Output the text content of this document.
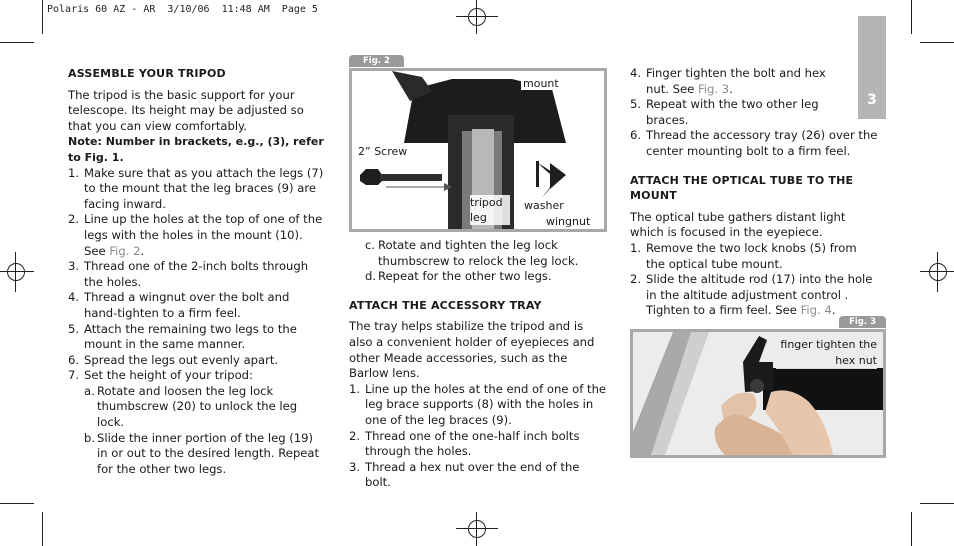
Polaris 60 AZ - AR  3/10/06  11:48 AM  Page 5
3

ASSEMBLE YOUR TRIPOD

The tripod is the basic support for your telescope. Its height may be adjusted so that you can view comfortably.

Note: Number in brackets, e.g., (3), refer to Fig. 1.

1. Make sure that as you attach the legs (7) to the mount that the leg braces (9) are facing inward.
2. Line up the holes at the top of one of the legs with the holes in the mount (10). See Fig. 2.
3. Thread one of the 2-inch bolts through the holes.
4. Thread a wingnut over the bolt and hand-tighten to a firm feel.
5. Attach the remaining two legs to the mount in the same manner.
6. Spread the legs out evenly apart.
7. Set the height of your tripod:
a. Rotate and loosen the leg lock thumbscrew (20) to unlock the leg lock.
b. Slide the inner portion of the leg (19) in or out to the desired length. Repeat for the other two legs.
Fig. 2
mount
2” Screw
tripod leg
washer
wingnut
c. Rotate and tighten the leg lock thumbscrew to relock the leg lock.
d. Repeat for the other two legs.

ATTACH THE ACCESSORY TRAY

The tray helps stabilize the tripod and is also a convenient holder of eyepieces and other Meade accessories, such as the Barlow lens.

1. Line up the holes at the end of one of the leg brace supports (8) with the holes in one of the leg braces (9).
2. Thread one of the one-half inch bolts through the holes.
3. Thread a hex nut over the end of the bolt.
4. Finger tighten the bolt and hex nut. See Fig. 3.
5. Repeat with the two other leg braces.
6. Thread the accessory tray (26) over the center mounting bolt to a firm feel.

ATTACH THE OPTICAL TUBE TO THE MOUNT

The optical tube gathers distant light which is focused in the eyepiece.

1. Remove the two lock knobs (5) from the optical tube mount.
2. Slide the altitude rod (17) into the hole in the altitude adjustment control . Tighten to a firm feel. See Fig. 4.
Fig. 3
finger tighten the
hex nut
